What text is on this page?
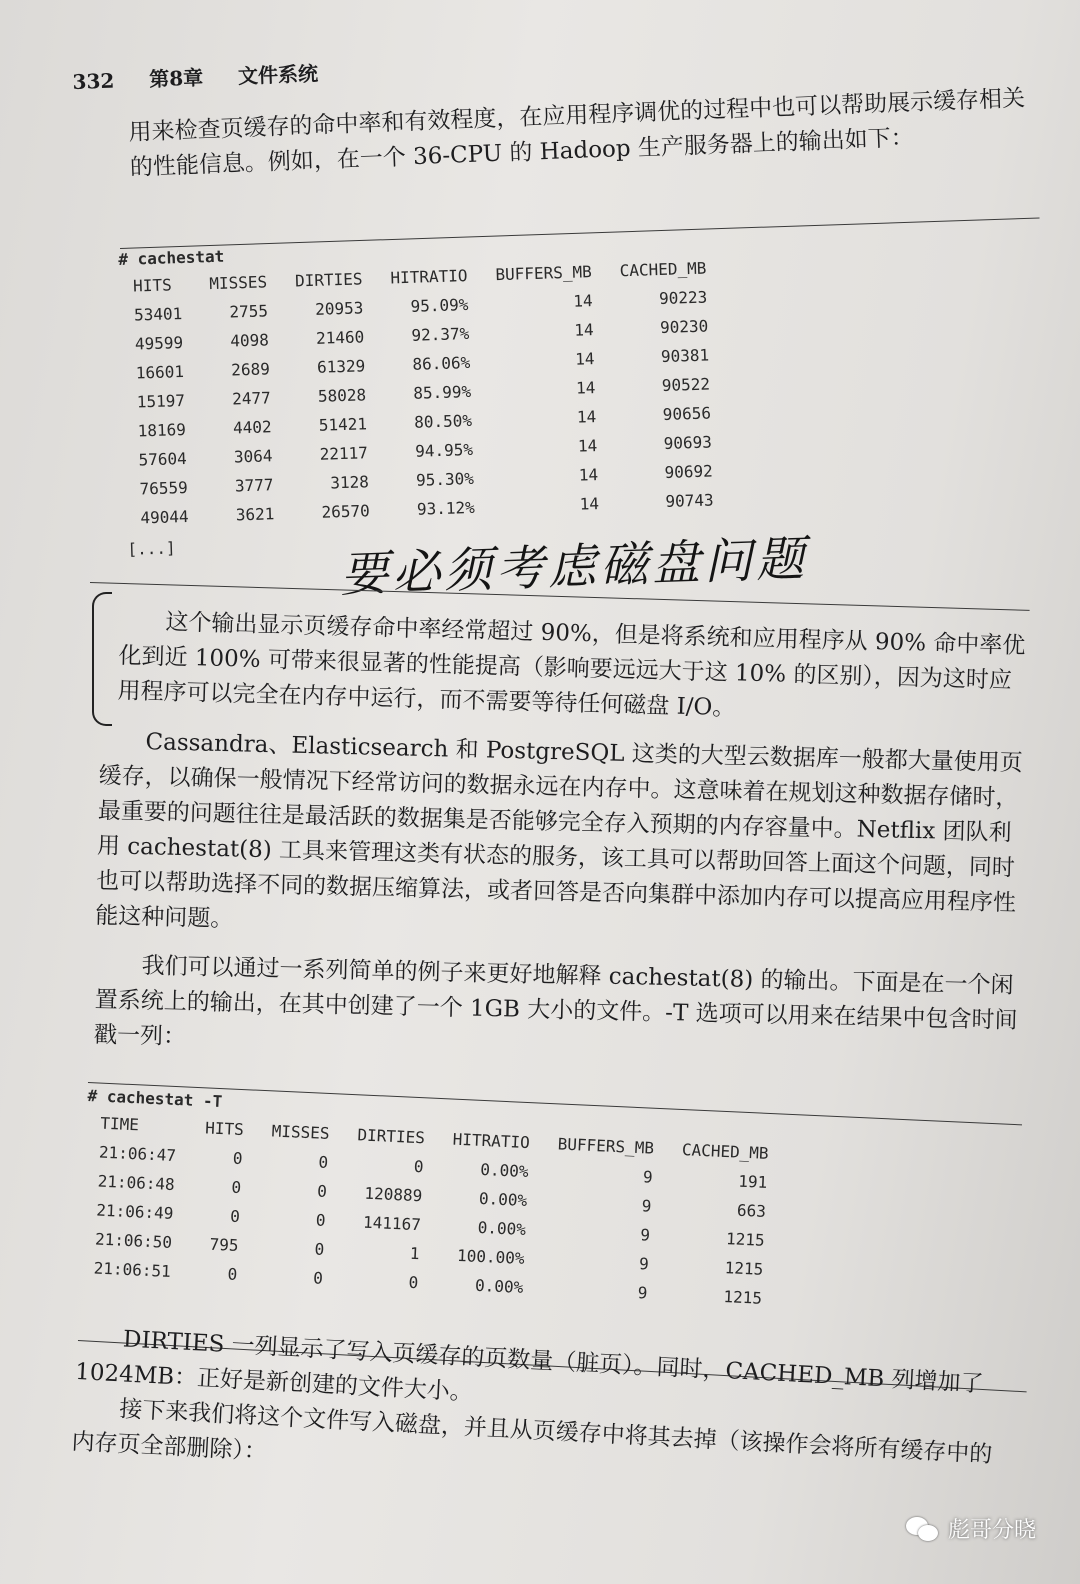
332 第8章 文件系统
用来检查页缓存的命中率和有效程度，在应用程序调优的过程中也可以帮助展示缓存相关的性能信息。例如，在一个 36-CPU 的 Hadoop 生产服务器上的输出如下：
# cachestat
HITS	MISSES	DIRTIES	HITRATIO	BUFFERS_MB	CACHED_MB
53401	2755	20953	95.09%	14	90223
49599	4098	21460	92.37%	14	90230
16601	2689	61329	86.06%	14	90381
15197	2477	58028	85.99%	14	90522
18169	4402	51421	80.50%	14	90656
57604	3064	22117	94.95%	14	90693
76559	3777	3128	95.30%	14	90692
49044	3621	26570	93.12%	14	90743
[...]	要必须考虑磁盘问题
这个输出显示页缓存命中率经常超过 90%，但是将系统和应用程序从 90% 命中率优化到近 100% 可带来很显著的性能提高（影响要远远大于这 10% 的区别），因为这时应用程序可以完全在内存中运行，而不需要等待任何磁盘 I/O。
Cassandra、Elasticsearch 和 PostgreSQL 这类的大型云数据库一般都大量使用页缓存，以确保一般情况下经常访问的数据永远在内存中。这意味着在规划这种数据存储时，最重要的问题往往是最活跃的数据集是否能够完全存入预期的内存容量中。Netflix 团队利用 cachestat(8) 工具来管理这类有状态的服务，该工具可以帮助回答上面这个问题，同时也可以帮助选择不同的数据压缩算法，或者回答是否向集群中添加内存可以提高应用程序性能这种问题。
我们可以通过一系列简单的例子来更好地解释 cachestat(8) 的输出。下面是在一个闲置系统上的输出，在其中创建了一个 1GB 大小的文件。-T 选项可以用来在结果中包含时间戳一列：
# cachestat -T
TIME	HITS	MISSES	DIRTIES	HITRATIO	BUFFERS_MB	CACHED_MB
21:06:47	0	0	0	0.00%	9	191
21:06:48	0	0	120889	0.00%	9	663
21:06:49	0	0	141167	0.00%	9	1215
21:06:50	795	0	1	100.00%	9	1215
21:06:51	0	0	0	0.00%	9	1215
DIRTIES 一列显示了写入页缓存的页数量（脏页）。同时，CACHED_MB 列增加了 1024MB：正好是新创建的文件大小。
接下来我们将这个文件写入磁盘，并且从页缓存中将其去掉（该操作会将所有缓存中的内存页全部删除）：
彪哥分晓
